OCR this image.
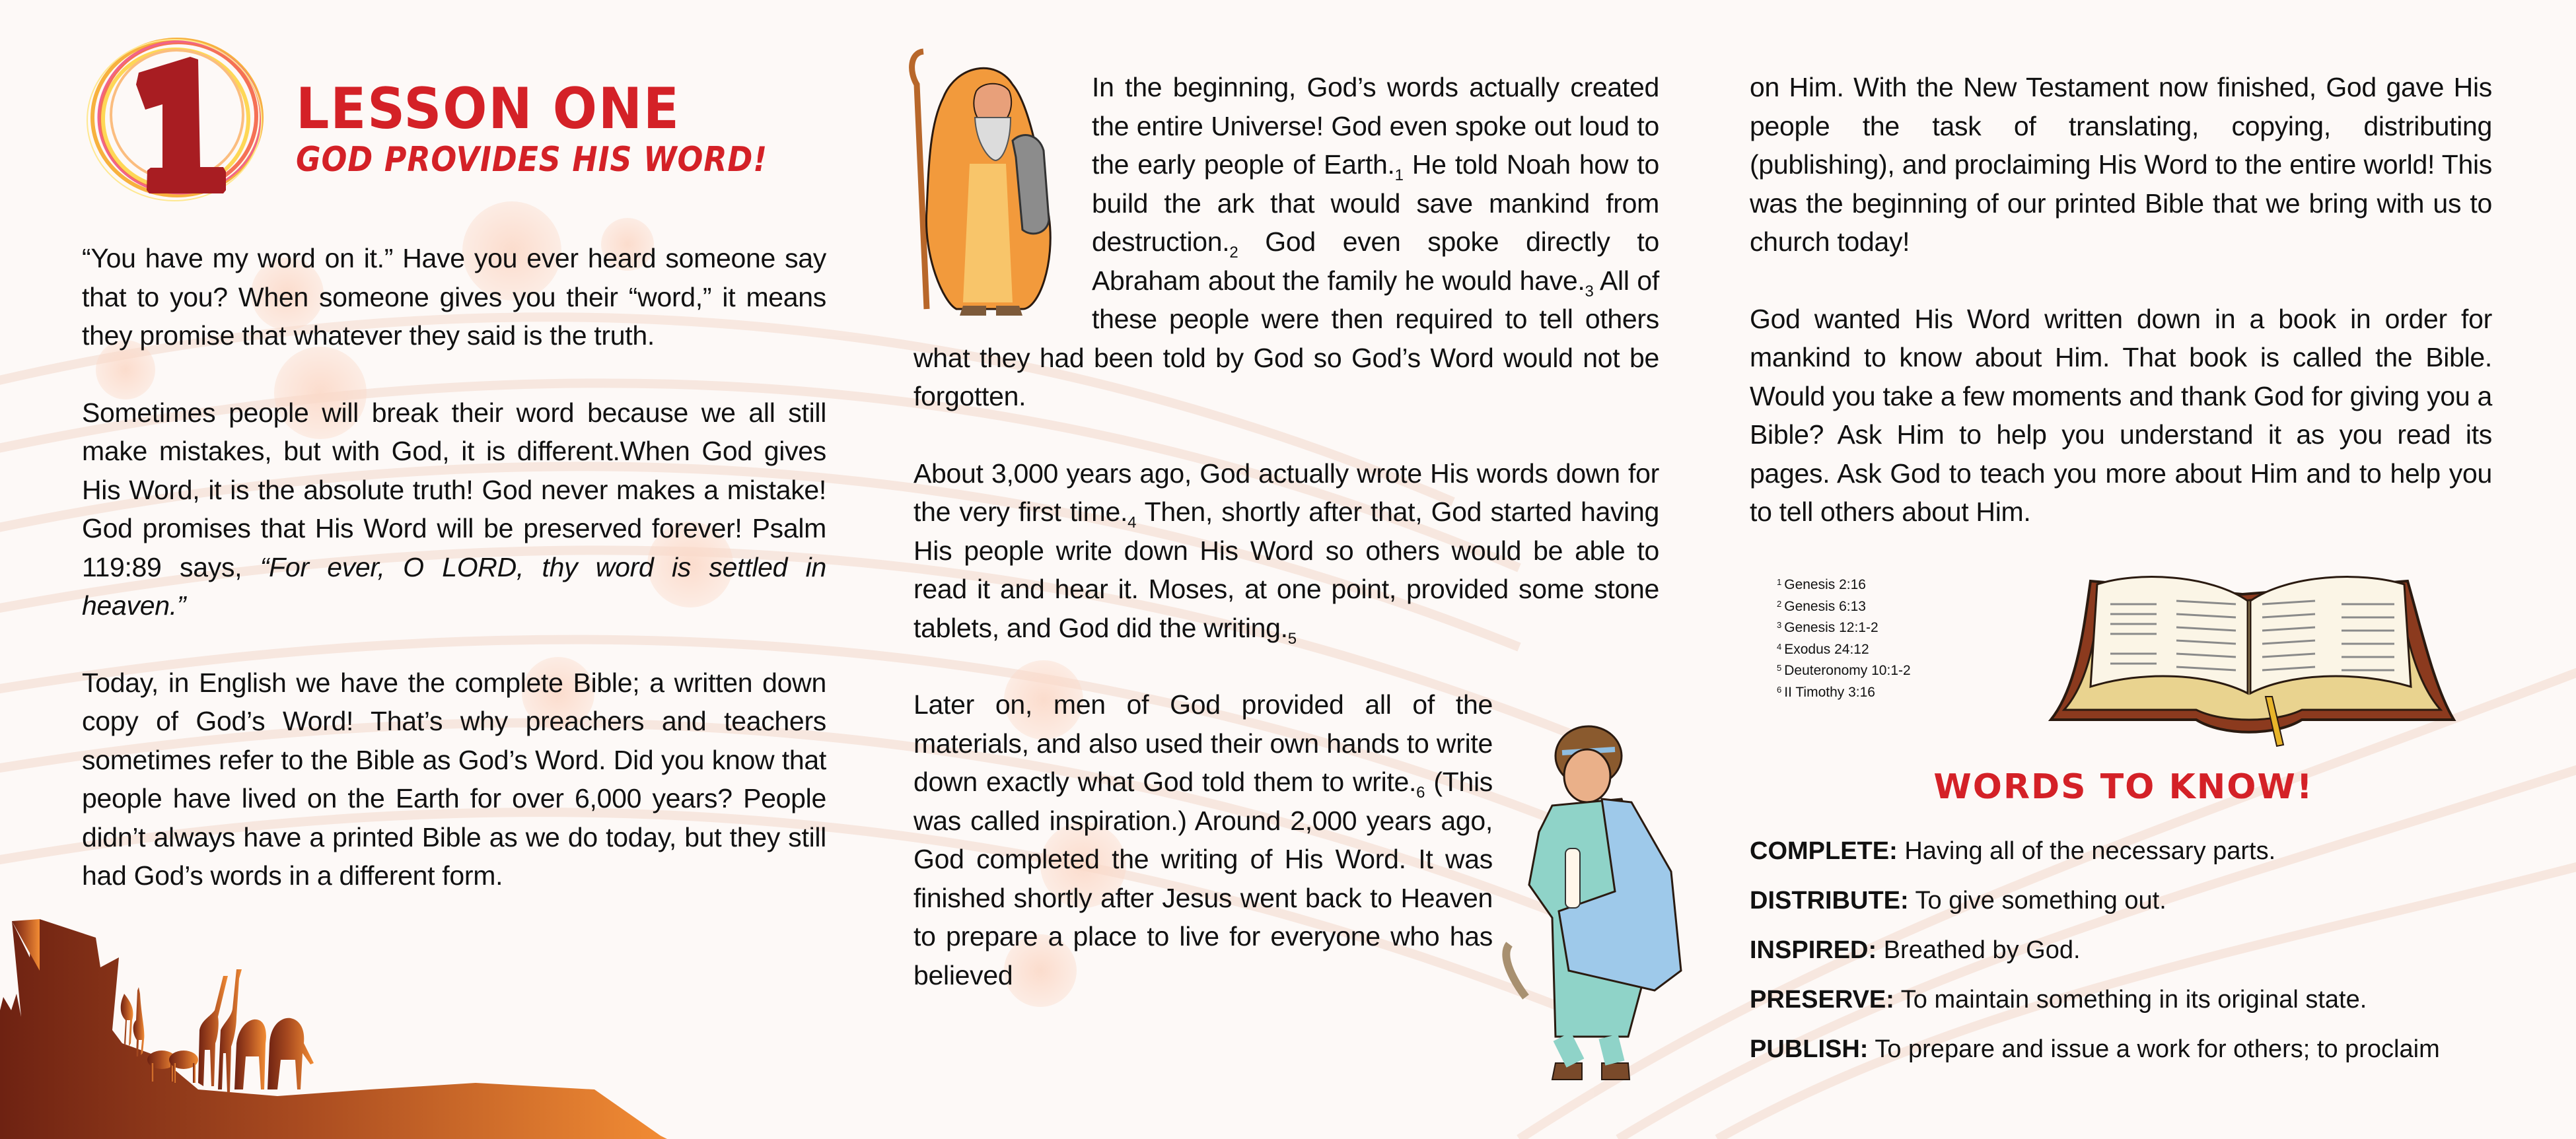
LESSON ONE
GOD PROVIDES HIS WORD!

“You have my word on it.” Have you ever heard someone say that to you? When someone gives you their “word,” it means they promise that whatever they said is the truth.

Sometimes people will break their word because we all still make mistakes, but with God, it is different.When God gives His Word, it is the absolute truth! God never makes a mistake! God promises that His Word will be preserved forever! Psalm 119:89 says, “For ever, O LORD, thy word is settled in heaven.”

Today, in English we have the complete Bible; a written down copy of God’s Word! That’s why preachers and teachers sometimes refer to the Bible as God’s Word. Did you know that people have lived on the Earth for over 6,000 years? People didn’t always have a printed Bible as we do today, but they still had God’s words in a different form.

In the beginning, God’s words actually created the entire Universe! God even spoke out loud to the early people of $Earth._1$ He told Noah how to build the ark that would save mankind from $destruction._2$ God even spoke directly to Abraham about the family he would $have._3$ All of these people were then required to tell others what they had been told by God so God’s Word would not be forgotten.

About 3,000 years ago, God actually wrote His words down for the very first $time._4$ Then, shortly after that, God started having His people write down His Word so others would be able to read it and hear it. Moses, at one point, provided some stone tablets, and God did the $writing._5$

Later on, men of God provided all of the materials, and also used their own hands to write down exactly what God told them to $write._6$ (This was called inspiration.) Around 2,000 years ago, God completed the writing of His Word. It was finished shortly after Jesus went back to Heaven to prepare a place to live for everyone who has believed

on Him. With the New Testament now finished, God gave His people the task of translating, copying, distributing (publishing), and proclaiming His Word to the entire world! This was the beginning of our printed Bible that we bring with us to church today!

God wanted His Word written down in a book in order for mankind to know about Him. That book is called the Bible. Would you take a few moments and thank God for giving you a Bible? Ask Him to help you understand it as you read its pages. Ask God to teach you more about Him and to help you to tell others about Him.

$^1$ Genesis 2:16
$^2$ Genesis 6:13
$^3$ Genesis 12:1-2
$^4$ Exodus 24:12
$^5$ Deuteronomy 10:1-2
$^6$ II Timothy 3:16
WORDS TO KNOW!
COMPLETE: Having all of the necessary parts.
DISTRIBUTE: To give something out.
INSPIRED: Breathed by God.
PRESERVE: To maintain something in its original state.
PUBLISH: To prepare and issue a work for others; to proclaim
